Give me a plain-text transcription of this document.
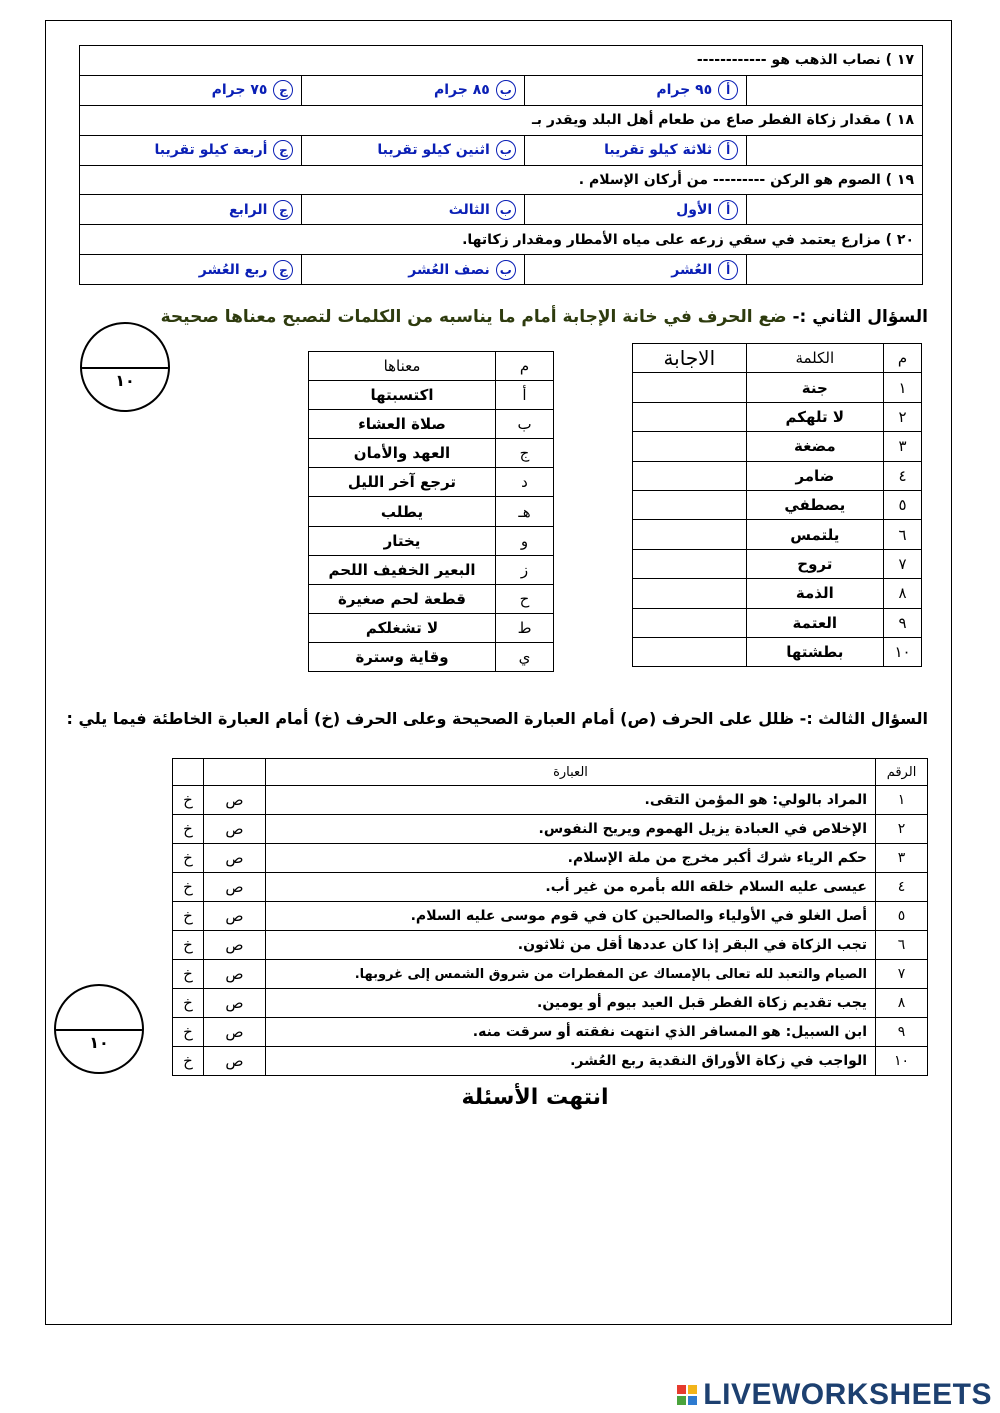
١٧ ) نصاب الذهب هو ------------			
	أ٩٥ جرام	ب٨٥ جرام	ج٧٥ جرام
١٨ ) مقدار زكاة الفطر صاع من طعام أهل البلد ويقدر بـ			
	أثلاثة كيلو تقريبا	باثنين كيلو تقريبا	جأربعة كيلو تقريبا
١٩ ) الصوم هو الركن --------- من أركان الإسلام .			
	أالأول	بالثالث	جالرابع
٢٠ ) مزارع يعتمد في سقي زرعه على مياه الأمطار ومقدار زكاتها.			
	أالعُشر	بنصف العُشر	جربع العُشر
السؤال الثاني :- ضع الحرف في خانة الإجابة أمام ما يناسبه من الكلمات لتصبح معناها صحيحة
١٠
م	الكلمة	الاجابة
١	جنة	
٢	لا تلهكم	
٣	مضغة	
٤	ضامر	
٥	يصطفي	
٦	يلتمس	
٧	تروح	
٨	الذمة	
٩	العتمة	
١٠	بطشتها	
م	معناها
أ	اكتسبتها
ب	صلاة العشاء
ج	العهد والأمان
د	ترجع آخر الليل
هـ	يطلب
و	يختار
ز	البعير الخفيف اللحم
ح	قطعة لحم صغيرة
ط	لا تشغلكم
ي	وقاية وسترة
السؤال الثالث :- ظلل على الحرف (ص) أمام العبارة الصحيحة وعلى الحرف (خ) أمام العبارة الخاطئة فيما يلي :
١٠
الرقم	العبارة		
١	المراد بالولي: هو المؤمن التقى.	ص	خ
٢	الإخلاص في العبادة يزيل الهموم ويريح النفوس.	ص	خ
٣	حكم الرياء شرك أكبر مخرج من ملة الإسلام.	ص	خ
٤	عيسى عليه السلام خلقه الله بأمره من غير أب.	ص	خ
٥	أصل الغلو في الأولياء والصالحين كان في قوم موسى عليه السلام.	ص	خ
٦	تجب الزكاة في البقر إذا كان عددها أقل من ثلاثون.	ص	خ
٧	الصيام والتعبد لله تعالى بالإمساك عن المفطرات من شروق الشمس إلى غروبها.	ص	خ
٨	يجب تقديم زكاة الفطر قبل العيد بيوم أو يومين.	ص	خ
٩	ابن السبيل: هو المسافر الذي انتهت نفقته أو سرقت منه.	ص	خ
١٠	الواجب في زكاة الأوراق النقدية ربع العُشر.	ص	خ
انتهت الأسئلة
LIVEWORKSHEETS
